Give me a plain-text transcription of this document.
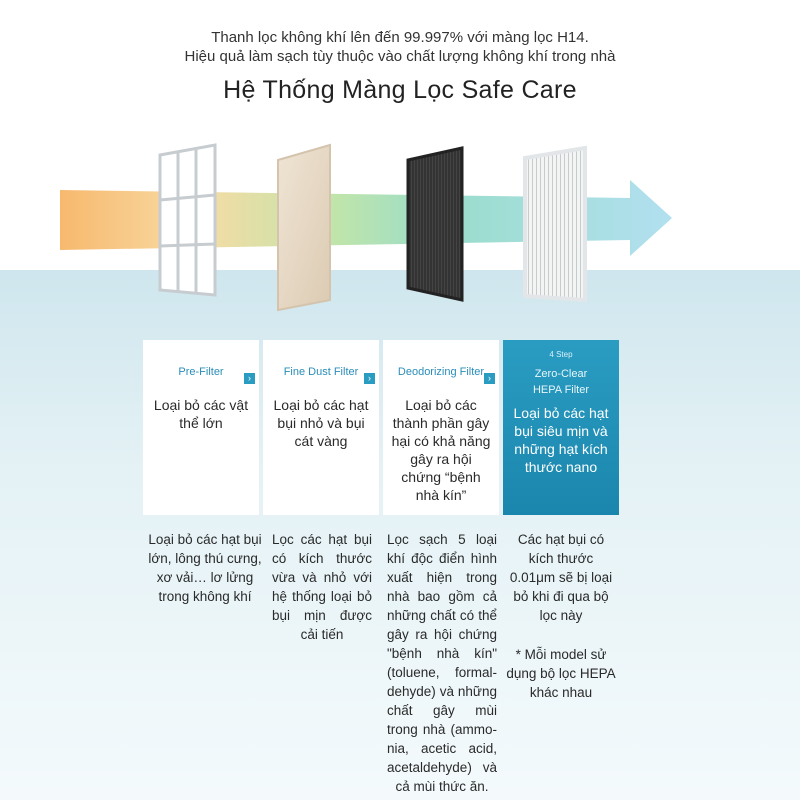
Thanh lọc không khí lên đến 99.997% với màng lọc H14.
Hiệu quả làm sạch tùy thuộc vào chất lượng không khí trong nhà
Hệ Thống Màng Lọc Safe Care
Pre-Filter	›
Loại bỏ các vật thể lớn
Fine Dust Filter	›
Loại bỏ các hạt bụi nhỏ và bụi cát vàng
Deodorizing Filter ›
Loại bỏ các thành phần gây hại có khả năng gây ra hội chứng “bệnh nhà kín”
4 Step
Zero-Clear
HEPA Filter
Loại bỏ các hạt bụi siêu mịn và những hạt kích thước nano
Loại bỏ các hạt bụi lớn, lông thú cưng, xơ vải… lơ lửng trong không khí
Lọc các hạt bụi có kích thước vừa và nhỏ với hệ thống loại bỏ bụi mịn được cải tiến
Lọc sạch 5 loại khí độc điển hình xuất hiện trong nhà bao gồm cả những chất có thể gây ra hội chứng "bệnh nhà kín" (toluene, formal-dehyde) và những chất gây mùi trong nhà (ammo-nia, acetic acid, acetaldehyde) và cả mùi thức ăn.
Các hạt bụi có kích thước 0.01μm sẽ bị loại bỏ khi đi qua bộ lọc này
* Mỗi model sử dụng bộ lọc HEPA khác nhau
